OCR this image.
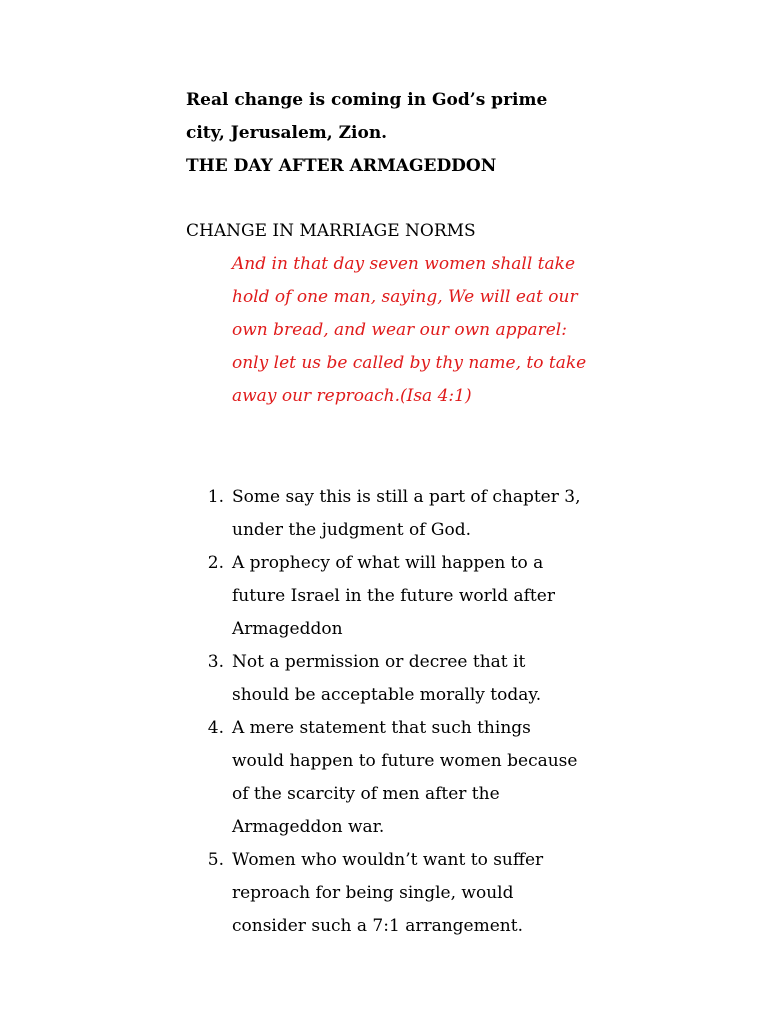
Real change is coming in God’s prime

city, Jerusalem, Zion.

THE DAY AFTER ARMAGEDDON

CHANGE IN MARRIAGE NORMS

And in that day seven women shall take hold of one man, saying, We will eat our own bread, and wear our own apparel: only let us be called by thy name, to take away our reproach.(Isa 4:1)

1. Some say this is still a part of chapter 3, under the judgment of God.
2. A prophecy of what will happen to a future Israel in the future world after Armageddon
3. Not a permission or decree that it should be acceptable morally today.
4. A mere statement that such things would happen to future women because of the scarcity of men after the Armageddon war.
5. Women who wouldn’t want to suffer reproach for being single, would consider such a 7:1 arrangement.
